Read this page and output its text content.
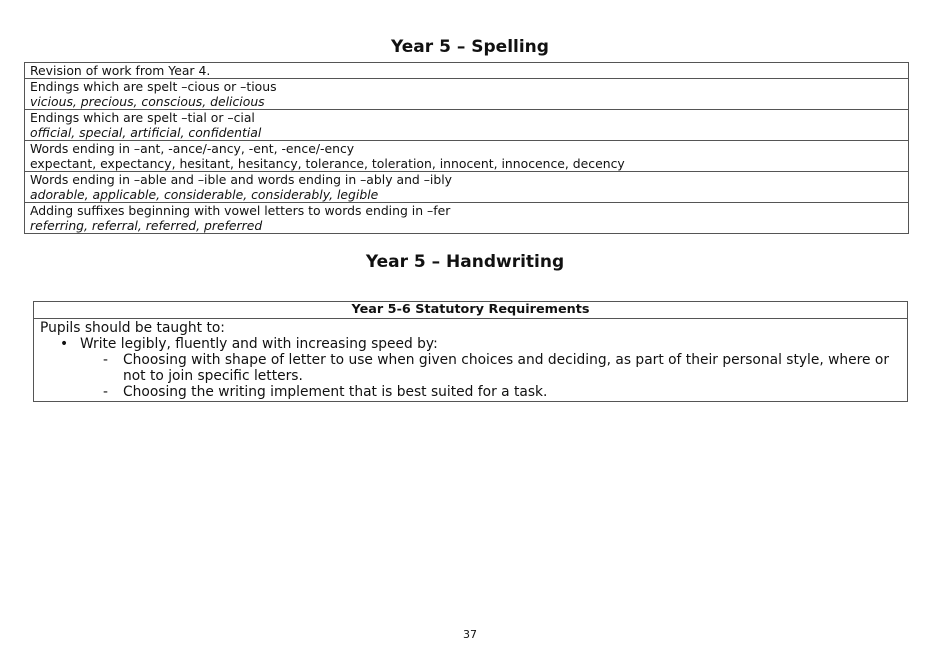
Year 5 – Spelling
Revision of work from Year 4.

Endings which are spelt –cious or –tious
vicious, precious, conscious, delicious

Endings which are spelt –tial or –cial
official, special, artificial, confidential

Words ending in –ant, -ance/-ancy, -ent, -ence/-ency
expectant, expectancy, hesitant, hesitancy, tolerance, toleration, innocent, innocence, decency

Words ending in –able and –ible and words ending in –ably and –ibly
adorable, applicable, considerable, considerably, legible

Adding suffixes beginning with vowel letters to words ending in –fer
referring, referral, referred, preferred
Year 5 – Handwriting
Year 5-6 Statutory Requirements

Pupils should be taught to:
• Write legibly, fluently and with increasing speed by:
- Choosing with shape of letter to use when given choices and deciding, as part of their personal style, where or not to join specific letters.
- Choosing the writing implement that is best suited for a task.
37
